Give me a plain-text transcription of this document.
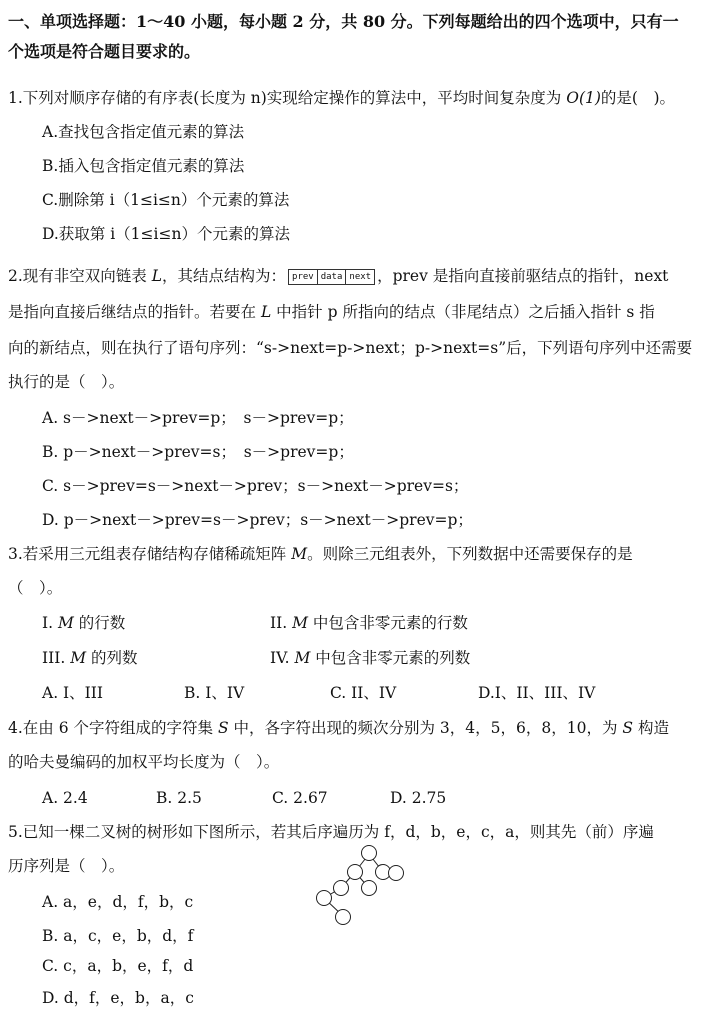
一、单项选择题：1～40 小题，每小题 2 分，共 80 分。下列每题给出的四个选项中，只有一
个选项是符合题目要求的。
1.下列对顺序存储的有序表(长度为 n)实现给定操作的算法中，平均时间复杂度为 O(1)的是(　)。
A.查找包含指定值元素的算法
B.插入包含指定值元素的算法
C.删除第 i（1≤i≤n）个元素的算法
D.获取第 i（1≤i≤n）个元素的算法
2.现有非空双向链表 L，其结点结构为： prev data next ，prev 是指向直接前驱结点的指针，next
是指向直接后继结点的指针。若要在 L 中指针 p 所指向的结点（非尾结点）之后插入指针 s 指
向的新结点，则在执行了语句序列：“s->next=p->next；p->next=s”后，下列语句序列中还需要
执行的是（　）。
A. s－>next－>prev=p；　s－>prev=p；
B. p－>next－>prev=s；　s－>prev=p；
C. s－>prev=s－>next－>prev；s－>next－>prev=s；
D. p－>next－>prev=s－>prev；s－>next－>prev=p；
3.若采用三元组表存储结构存储稀疏矩阵 M。则除三元组表外，下列数据中还需要保存的是
（　）。
I. M 的行数	II. M 中包含非零元素的行数
III. M 的列数	IV. M 中包含非零元素的列数
A. I、III	B. I、IV	C. II、IV	D.I、II、III、IV
4.在由 6 个字符组成的字符集 S 中，各字符出现的频次分别为 3，4，5，6，8，10，为 S 构造
的哈夫曼编码的加权平均长度为（　）。
A. 2.4	B. 2.5	C. 2.67	D. 2.75
5.已知一棵二叉树的树形如下图所示，若其后序遍历为 f，d，b，e，c，a，则其先（前）序遍
历序列是（　）。
A. a，e，d，f，b，c
B. a，c，e，b，d，f
C. c，a，b，e，f，d
D. d，f，e，b，a，c
